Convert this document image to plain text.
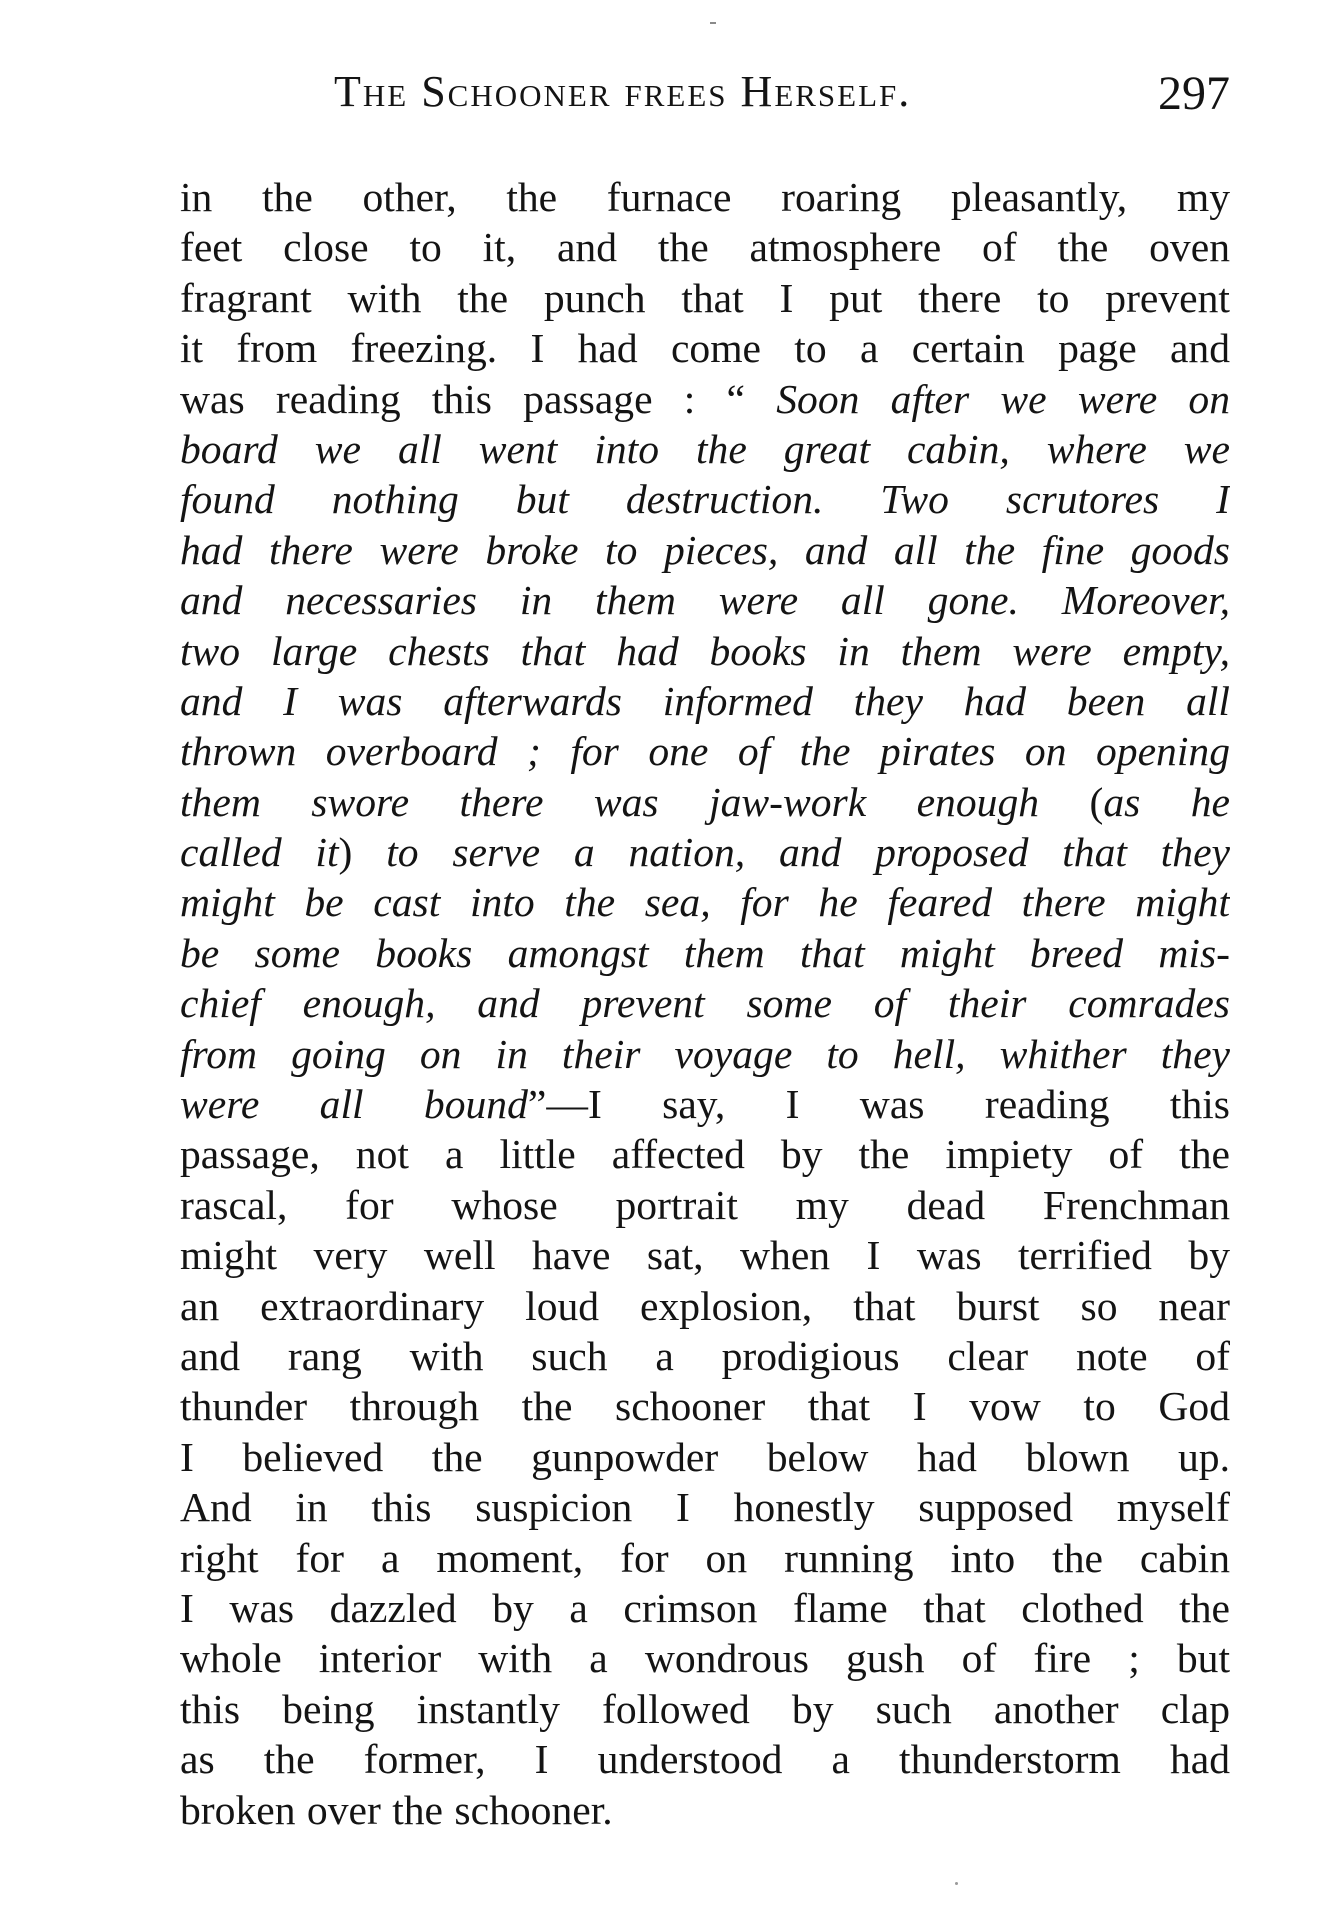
The Schooner frees Herself.	297
in the other, the furnace roaring pleasantly, my
feet close to it, and the atmosphere of the oven
fragrant with the punch that I put there to prevent
it from freezing. I had come to a certain page and
was reading this passage : “ Soon after we were on
board we all went into the great cabin, where we
found nothing but destruction. Two scrutores I
had there were broke to pieces, and all the fine goods
and necessaries in them were all gone. Moreover,
two large chests that had books in them were empty,
and I was afterwards informed they had been all
thrown overboard ; for one of the pirates on opening
them swore there was jaw-work enough (as he
called it) to serve a nation, and proposed that they
might be cast into the sea, for he feared there might
be some books amongst them that might breed mis-
chief enough, and prevent some of their comrades
from going on in their voyage to hell, whither they
were all bound”—I say, I was reading this
passage, not a little affected by the impiety of the
rascal, for whose portrait my dead Frenchman
might very well have sat, when I was terrified by
an extraordinary loud explosion, that burst so near
and rang with such a prodigious clear note of
thunder through the schooner that I vow to God
I believed the gunpowder below had blown up.
And in this suspicion I honestly supposed myself
right for a moment, for on running into the cabin
I was dazzled by a crimson flame that clothed the
whole interior with a wondrous gush of fire ; but
this being instantly followed by such another clap
as the former, I understood a thunderstorm had
broken over the schooner.
